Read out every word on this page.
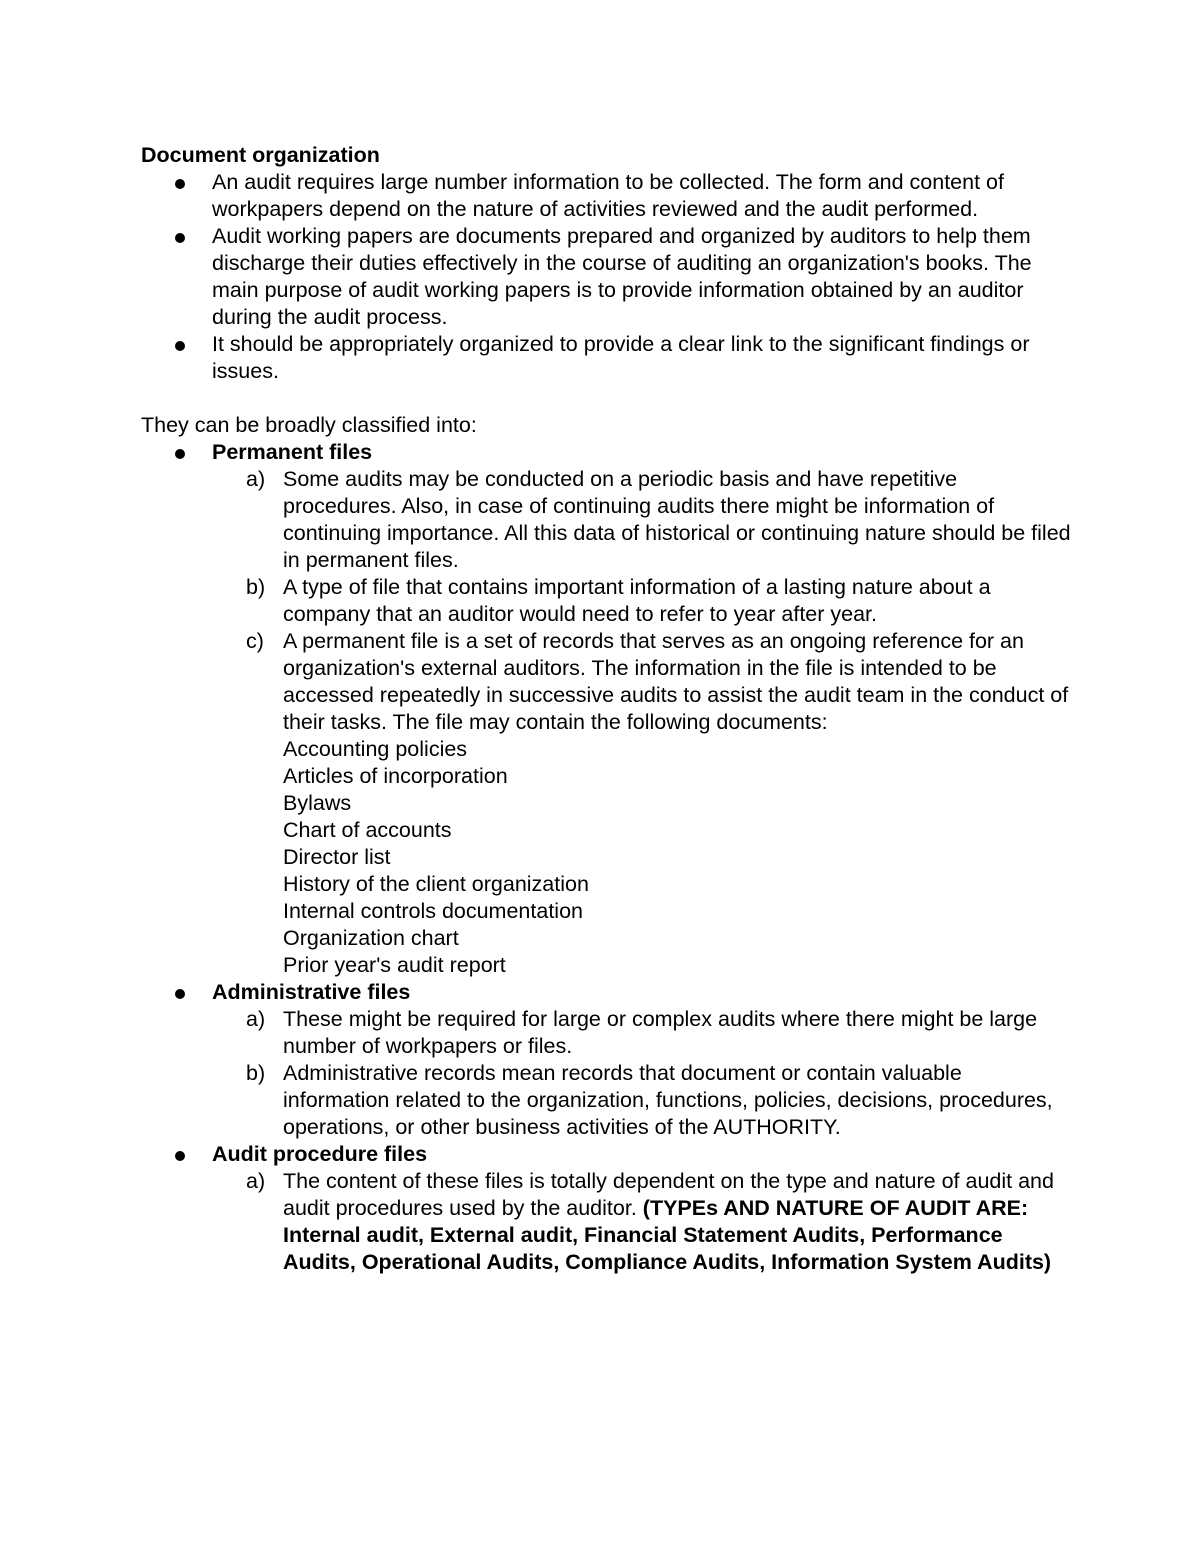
Document organization

An audit requires large number information to be collected. The form and content of workpapers depend on the nature of activities reviewed and the audit performed.
Audit working papers are documents prepared and organized by auditors to help them discharge their duties effectively in the course of auditing an organization's books. The main purpose of audit working papers is to provide information obtained by an auditor during the audit process.
It should be appropriately organized to provide a clear link to the significant findings or issues.

They can be broadly classified into:

Permanent files
a) Some audits may be conducted on a periodic basis and have repetitive procedures. Also, in case of continuing audits there might be information of continuing importance. All this data of historical or continuing nature should be filed in permanent files.
b) A type of file that contains important information of a lasting nature about a company that an auditor would need to refer to year after year.
c) A permanent file is a set of records that serves as an ongoing reference for an organization's external auditors. The information in the file is intended to be accessed repeatedly in successive audits to assist the audit team in the conduct of their tasks. The file may contain the following documents:
Accounting policies
Articles of incorporation
Bylaws
Chart of accounts
Director list
History of the client organization
Internal controls documentation
Organization chart
Prior year's audit report
Administrative files
a) These might be required for large or complex audits where there might be large number of workpapers or files.
b) Administrative records mean records that document or contain valuable information related to the organization, functions, policies, decisions, procedures, operations, or other business activities of the AUTHORITY.
Audit procedure files
a) The content of these files is totally dependent on the type and nature of audit and audit procedures used by the auditor. (TYPEs AND NATURE OF AUDIT ARE: Internal audit, External audit, Financial Statement Audits, Performance Audits, Operational Audits, Compliance Audits, Information System Audits)
